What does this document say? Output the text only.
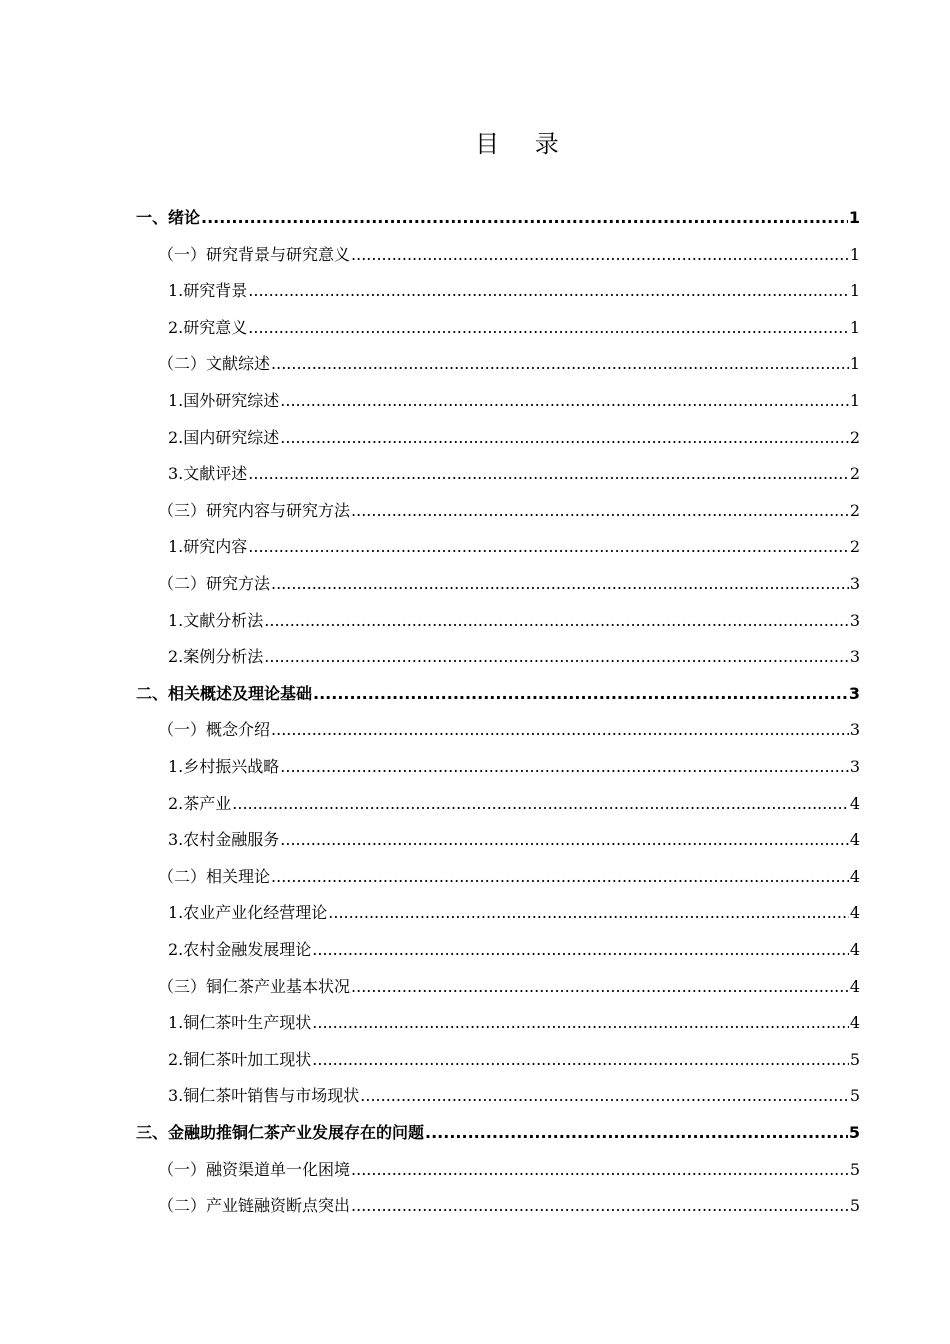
目 录
一、绪论 .....	1
（一）研究背景与研究意义 .....	1
1.研究背景 .....	1
2.研究意义 .....	1
（二）文献综述 .....	1
1.国外研究综述 .....	1
2.国内研究综述 .....	2
3.文献评述 .....	2
（三）研究内容与研究方法 .....	2
1.研究内容 .....	2
（二）研究方法 .....	3
1.文献分析法 .....	3
2.案例分析法 .....	3
二、相关概述及理论基础 .....	3
（一）概念介绍 .....	3
1.乡村振兴战略 .....	3
2.茶产业 .....	4
3.农村金融服务 .....	4
（二）相关理论 .....	4
1.农业产业化经营理论 .....	4
2.农村金融发展理论 .....	4
（三）铜仁茶产业基本状况 .....	4
1.铜仁茶叶生产现状 .....	4
2.铜仁茶叶加工现状 .....	5
3.铜仁茶叶销售与市场现状 .....	5
三、金融助推铜仁茶产业发展存在的问题 .....	5
（一）融资渠道单一化困境 .....	5
（二）产业链融资断点突出 .....	5
